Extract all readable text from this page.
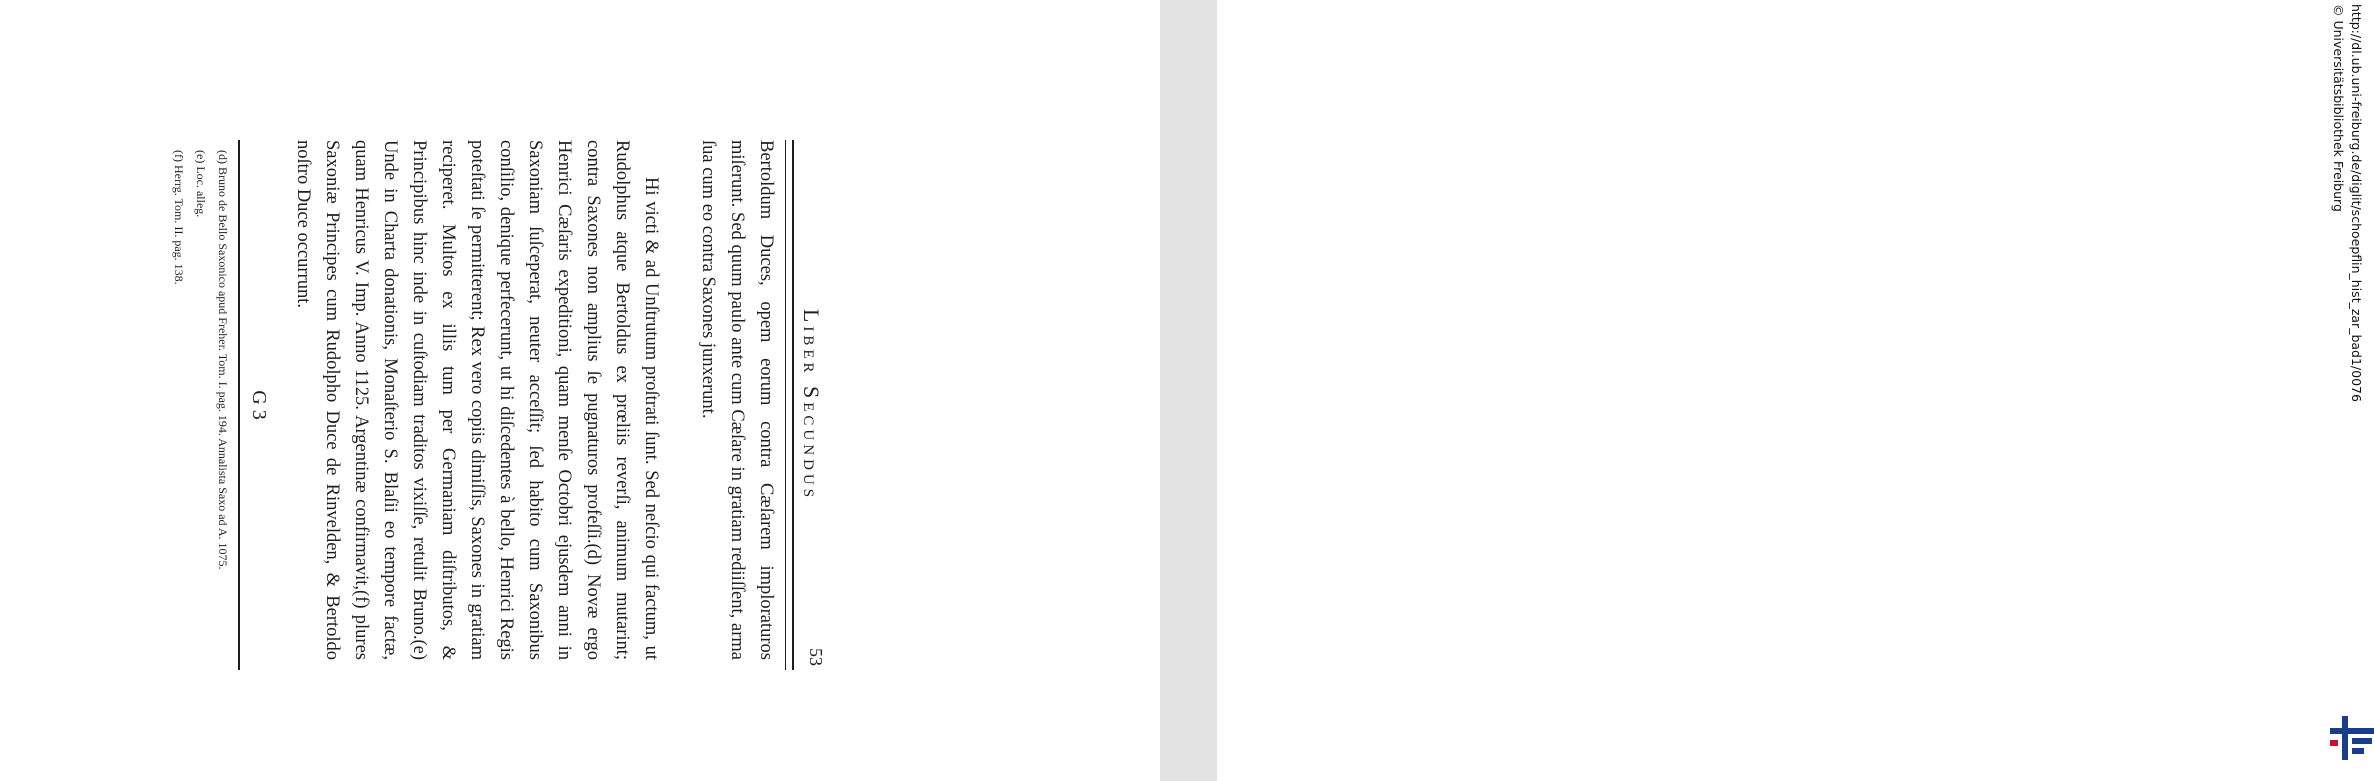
Liber Secundus
53

Bertoldum Duces, opem eorum contra Cæſarem imploraturos miſerunt. Sed quum paulo ante cum Cæſare in gratiam rediiſſent, arma ſua cum eo contra Saxones junxerunt.

Hi victi & ad Unſtrutum proſtrati ſunt. Sed neſcio qui factum, ut Rudolphus atque Bertoldus ex prœliis reverſi, animum mutarint; contra Saxones non amplius ſe pugnaturos profeſſi.(d) Novæ ergo Henrici Cæſaris expeditioni, quam menſe Octobri ejusdem anni in Saxoniam ſuſceperat, neuter acceſſit; ſed habito cum Saxonibus conſilio, denique perfecerunt, ut hi diſcedentes à bello, Henrici Regis poteſtati ſe permitterent; Rex vero copiis dimiſſis, Saxones in gratiam reciperet. Multos ex illis tum per Germaniam diſtributos, & Principibus hinc inde in cuſtodiam traditos vixiſſe, retulit Bruno.(e) Unde in Charta donationis, Monaſterio S. Blaſii eo tempore factæ, quam Henricus V. Imp. Anno 1125. Argentinæ confirmavit,(f) plures Saxoniæ Principes cum Rudolpho Duce de Rinvelden, & Bertoldo noſtro Duce occurrunt.

G 3

(d) Bruno de Bello Saxonico apud Freher. Tom. I. pag. 194. Annalista Saxo ad A. 1075.

(e) Loc. alleg.

(f) Herrg. Tom. II. pag. 138.	http://dl.ub.uni-freiburg.de/diglit/schoepflin_hist_zar_bad1/0076
© Universitätsbibliothek Freiburg
